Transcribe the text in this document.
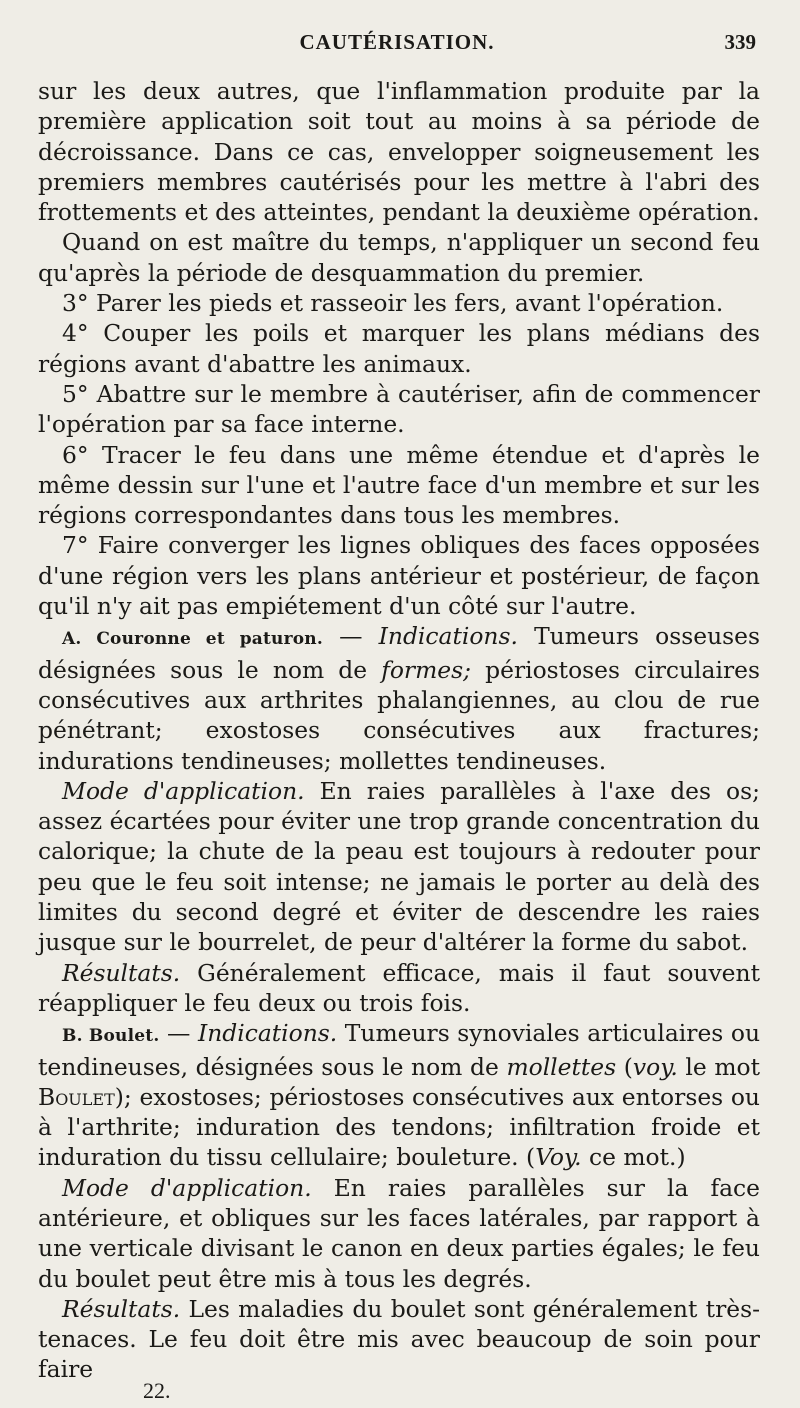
CAUTÉRISATION.	339

sur les deux autres, que l'inflammation produite par la première application soit tout au moins à sa période de décroissance. Dans ce cas, envelopper soigneusement les premiers membres cautérisés pour les mettre à l'abri des frottements et des atteintes, pendant la deuxième opération.

Quand on est maître du temps, n'appliquer un second feu qu'après la période de desquammation du premier.

3° Parer les pieds et rasseoir les fers, avant l'opération.

4° Couper les poils et marquer les plans médians des régions avant d'abattre les animaux.

5° Abattre sur le membre à cautériser, afin de commencer l'opération par sa face interne.

6° Tracer le feu dans une même étendue et d'après le même dessin sur l'une et l'autre face d'un membre et sur les régions correspondantes dans tous les membres.

7° Faire converger les lignes obliques des faces opposées d'une région vers les plans antérieur et postérieur, de façon qu'il n'y ait pas empiétement d'un côté sur l'autre.

A. Couronne et paturon. — Indications. Tumeurs osseuses désignées sous le nom de formes; périostoses circulaires consécutives aux arthrites phalangiennes, au clou de rue pénétrant; exostoses consécutives aux fractures; indurations tendineuses; mollettes tendineuses.

Mode d'application. En raies parallèles à l'axe des os; assez écartées pour éviter une trop grande concentration du calorique; la chute de la peau est toujours à redouter pour peu que le feu soit intense; ne jamais le porter au delà des limites du second degré et éviter de descendre les raies jusque sur le bourrelet, de peur d'altérer la forme du sabot.

Résultats. Généralement efficace, mais il faut souvent réappliquer le feu deux ou trois fois.

B. Boulet. — Indications. Tumeurs synoviales articulaires ou tendineuses, désignées sous le nom de mollettes (voy. le mot Boulet); exostoses; périostoses consécutives aux entorses ou à l'arthrite; induration des tendons; infiltration froide et induration du tissu cellulaire; bouleture. (Voy. ce mot.)

Mode d'application. En raies parallèles sur la face antérieure, et obliques sur les faces latérales, par rapport à une verticale divisant le canon en deux parties égales; le feu du boulet peut être mis à tous les degrés.

Résultats. Les maladies du boulet sont généralement très-tenaces. Le feu doit être mis avec beaucoup de soin pour faire

22.
